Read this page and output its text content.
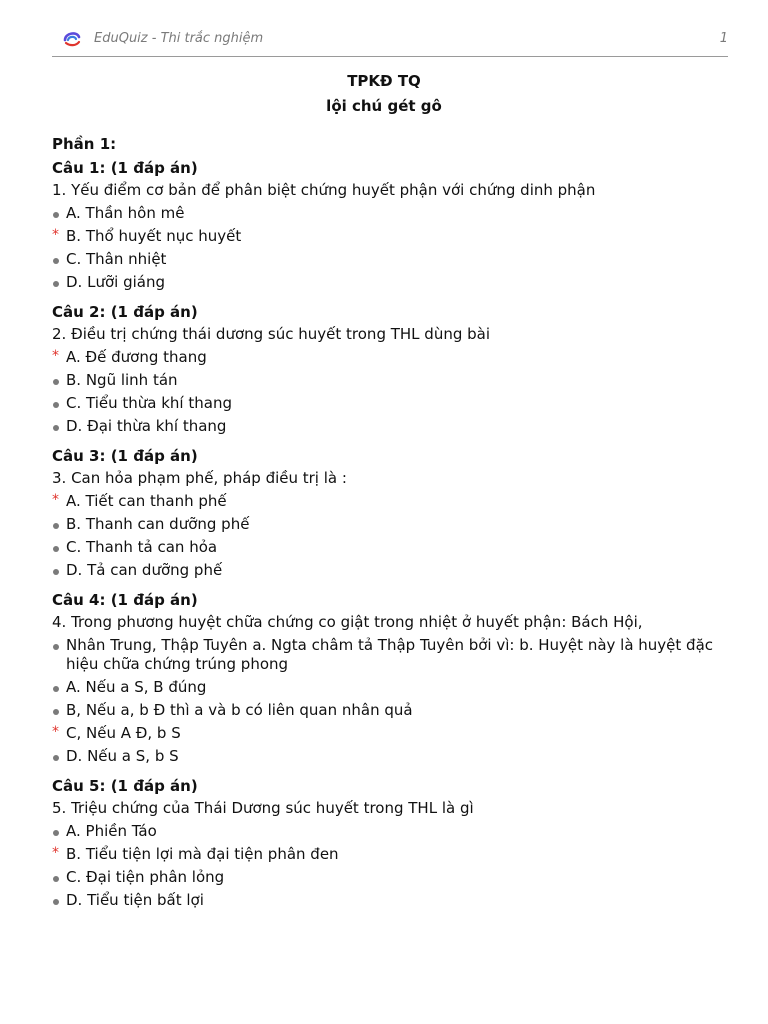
EduQuiz - Thi trắc nghiệm	1
TPKĐ TQ
lội chú gét gô
Phần 1:
Câu 1: (1 đáp án)
1. Yếu điểm cơ bản để phân biệt chứng huyết phận với chứng dinh phận
A. Thần hôn mê
* B. Thổ huyết nục huyết
C. Thân nhiệt
D. Lưỡi giáng
Câu 2: (1 đáp án)
2. Điều trị chứng thái dương súc huyết trong THL dùng bài
* A. Đế đương thang
B. Ngũ linh tán
C. Tiểu thừa khí thang
D. Đại thừa khí thang
Câu 3: (1 đáp án)
3. Can hỏa phạm phế, pháp điều trị là :
* A. Tiết can thanh phế
B. Thanh can dưỡng phế
C. Thanh tả can hỏa
D. Tả can dưỡng phế
Câu 4: (1 đáp án)
4. Trong phương huyệt chữa chứng co giật trong nhiệt ở huyết phận: Bách Hội,
Nhân Trung, Thập Tuyên a. Ngta châm tả Thập Tuyên bởi vì: b. Huyệt này là huyệt đặc hiệu chữa chứng trúng phong
A. Nếu a S, B đúng
B, Nếu a, b Đ thì a và b có liên quan nhân quả
* C, Nếu A Đ, b S
D. Nếu a S, b S
Câu 5: (1 đáp án)
5. Triệu chứng của Thái Dương súc huyết trong THL là gì
A. Phiền Táo
* B. Tiểu tiện lợi mà đại tiện phân đen
C. Đại tiện phân lỏng
D. Tiểu tiện bất lợi
